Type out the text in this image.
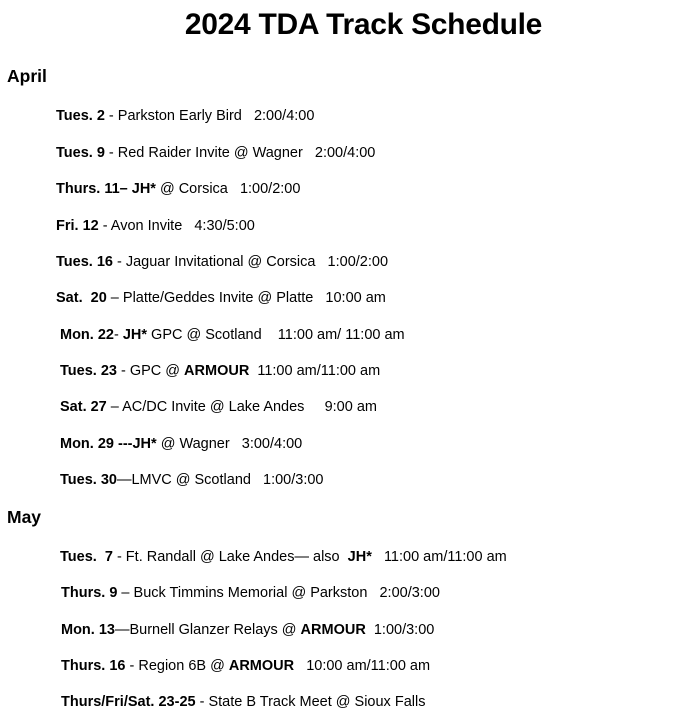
2024 TDA Track Schedule
April
Tues. 2 - Parkston Early Bird   2:00/4:00
Tues. 9 - Red Raider Invite @ Wagner   2:00/4:00
Thurs. 11– JH* @ Corsica   1:00/2:00
Fri. 12 - Avon Invite   4:30/5:00
Tues. 16 - Jaguar Invitational @ Corsica   1:00/2:00
Sat.  20 – Platte/Geddes Invite @ Platte   10:00 am
Mon. 22- JH* GPC @ Scotland    11:00 am/ 11:00 am
Tues. 23 - GPC @ ARMOUR  11:00 am/11:00 am
Sat. 27 – AC/DC Invite @ Lake Andes     9:00 am
Mon. 29 ---JH* @ Wagner   3:00/4:00
Tues. 30—LMVC @ Scotland   1:00/3:00
May
Tues.  7 - Ft. Randall @ Lake Andes— also  JH*   11:00 am/11:00 am
Thurs. 9 – Buck Timmins Memorial @ Parkston   2:00/3:00
Mon. 13—Burnell Glanzer Relays @ ARMOUR  1:00/3:00
Thurs. 16 - Region 6B @ ARMOUR   10:00 am/11:00 am
Thurs/Fri/Sat. 23-25 - State B Track Meet @ Sioux Falls
